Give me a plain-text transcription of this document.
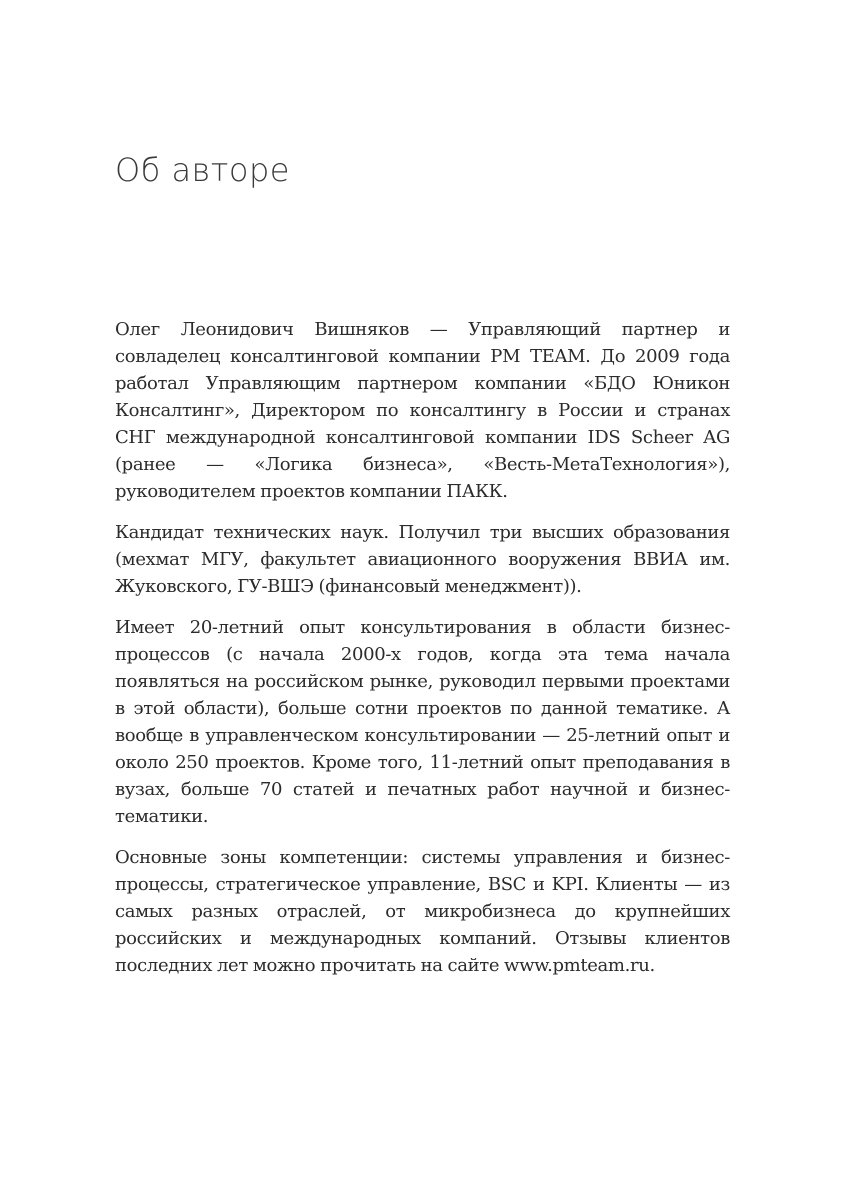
Об авторе

Олег Леонидович Вишняков — Управляющий партнер и совладелец консалтинговой компании PM TEAM. До 2009 года работал Управляющим партнером компании «БДО Юникон Консалтинг», Директором по консалтингу в России и странах СНГ международной консалтинговой компании IDS Scheer AG (ранее — «Логика бизнеса», «Весть-МетаТехнология»), руководителем проектов компании ПАКК.

Кандидат технических наук. Получил три высших образования (мехмат МГУ, факультет авиационного вооружения ВВИА им. Жуковского, ГУ-ВШЭ (финансовый менеджмент)).

Имеет 20-летний опыт консультирования в области бизнес-процессов (с начала 2000-х годов, когда эта тема начала появляться на российском рынке, руководил первыми проектами в этой области), больше сотни проектов по данной тематике. А вообще в управленческом консультировании — 25-летний опыт и около 250 проектов. Кроме того, 11-летний опыт преподавания в вузах, больше 70 статей и печатных работ научной и бизнес-тематики.

Основные зоны компетенции: системы управления и бизнес-процессы, стратегическое управление, BSC и KPI. Клиенты — из самых разных отраслей, от микробизнеса до крупнейших российских и международных компаний. Отзывы клиентов последних лет можно прочитать на сайте www.pmteam.ru.
